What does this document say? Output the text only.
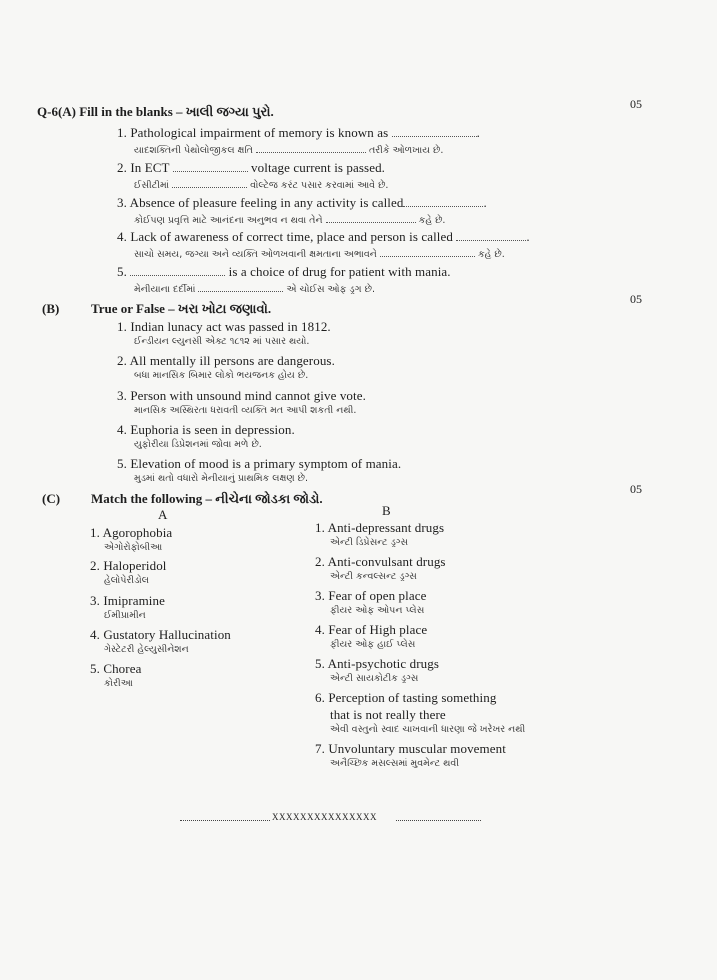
Q-6(A) Fill in the blanks – ખાલી જગ્યા પુરો.	05
1. Pathological impairment of memory is known as	.
યાદશક્તિની પેથોલોજીકલ ક્ષતિ	તરીકે ઓળખાય છે.
2. In ECT	voltage current is passed.
ઈસીટીમાં	વોલ્ટેજ કરંટ પસાર કરવામાં આવે છે.
3. Absence of pleasure feeling in any activity is called	.
કોઈપણ પ્રવૃત્તિ માટે આનંદના અનુભવ ન થવા તેને	કહે છે.
4. Lack of awareness of correct time, place and person is called	.
સાચો સમય, જગ્યા અને વ્યક્તિ ઓળખવાની ક્ષમતાના અભાવને	કહે છે.
5.	is a choice of drug for patient with mania.
મેનીયાના દર્દીમાં	એ ચોઈસ ઓફ ડ્રગ છે.
(B) True or False – ખરા ખોટા જણાવો.
05
1. Indian lunacy act was passed in 1812.
ઈન્ડીયન લ્યુનસી એક્ટ ૧૮૧૨ માં પસાર થયો.
2. All mentally ill persons are dangerous.
બધા માનસિક બિમાર લોકો ભયજનક હોય છે.
3. Person with unsound mind cannot give vote.
માનસિક અસ્થિરતા ધરાવતી વ્યક્તિ મત આપી શકતી નથી.
4. Euphoria is seen in depression.
યુફોરીયા ડિપ્રેશનમાં જોવા મળે છે.
5. Elevation of mood is a primary symptom of mania.
મુડમાં થતો વધારો મેનીયાનું પ્રાથમિક લક્ષણ છે.
(C) Match the following – નીચેના જોડકા જોડો.
05
A	B
1. Agorophobia
એગોરોફોબીઆ
2. Haloperidol
હેલોપેરીડોલ
3. Imipramine
ઈમીપ્રામીન
4. Gustatory Hallucination
ગેસ્ટેટરી હેલ્યુસીનેશન
5. Chorea
કોરીઆ
1. Anti-depressant drugs
એન્ટી ડિપ્રેસન્ટ ડ્રગ્સ
2. Anti-convulsant drugs
એન્ટી કન્વલ્સન્ટ ડ્રગ્સ
3. Fear of open place
ફીયર ઓફ ઓપન પ્લેસ
4. Fear of High place
ફીયર ઓફ હાઈ પ્લેસ
5. Anti-psychotic drugs
એન્ટી સાયકોટીક ડ્રગ્સ
6. Perception of tasting something
that is not really there
એવી વસ્તુનો સ્વાદ ચાખવાની ધારણા જે ખરેખર નથી
7. Unvoluntary muscular movement
અનૈચ્છિક મસલ્સમાં મુવમેન્ટ થવી
XXXXXXXXXXXXXXX
